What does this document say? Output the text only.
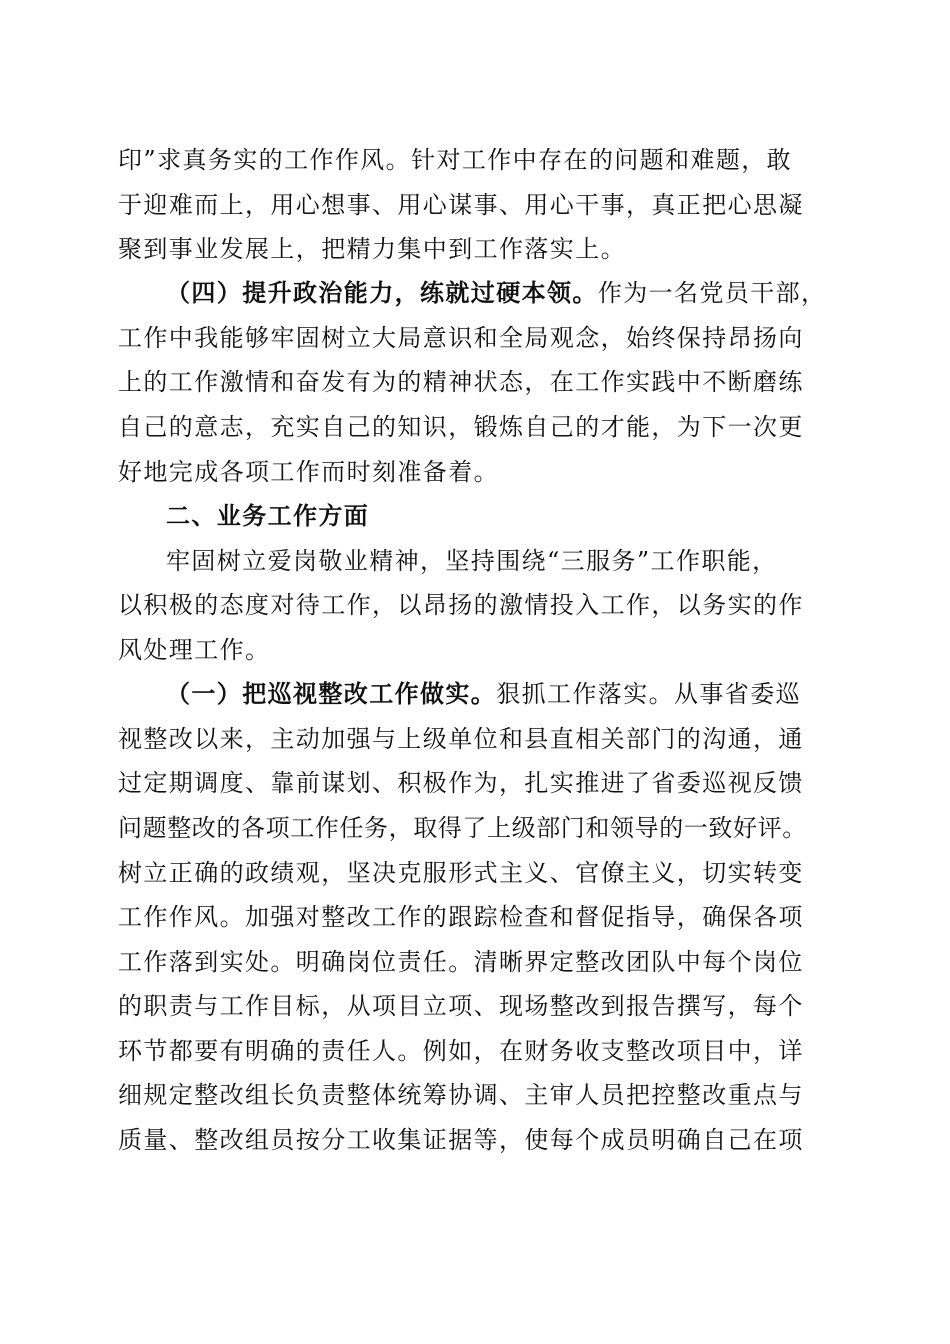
印”求真务实的工作作风。针对工作中存在的问题和难题，敢
于迎难而上，用心想事、用心谋事、用心干事，真正把心思凝
聚到事业发展上，把精力集中到工作落实上。
（四）提升政治能力，练就过硬本领。作为一名党员干部，
工作中我能够牢固树立大局意识和全局观念，始终保持昂扬向
上的工作激情和奋发有为的精神状态，在工作实践中不断磨练
自己的意志，充实自己的知识，锻炼自己的才能，为下一次更
好地完成各项工作而时刻准备着。
二、业务工作方面
牢固树立爱岗敬业精神，坚持围绕“三服务”工作职能，
以积极的态度对待工作，以昂扬的激情投入工作，以务实的作
风处理工作。
（一）把巡视整改工作做实。狠抓工作落实。从事省委巡
视整改以来，主动加强与上级单位和县直相关部门的沟通，通
过定期调度、靠前谋划、积极作为，扎实推进了省委巡视反馈
问题整改的各项工作任务，取得了上级部门和领导的一致好评。
树立正确的政绩观，坚决克服形式主义、官僚主义，切实转变
工作作风。加强对整改工作的跟踪检查和督促指导，确保各项
工作落到实处。明确岗位责任。清晰界定整改团队中每个岗位
的职责与工作目标，从项目立项、现场整改到报告撰写，每个
环节都要有明确的责任人。例如，在财务收支整改项目中，详
细规定整改组长负责整体统筹协调、主审人员把控整改重点与
质量、整改组员按分工收集证据等，使每个成员明确自己在项
